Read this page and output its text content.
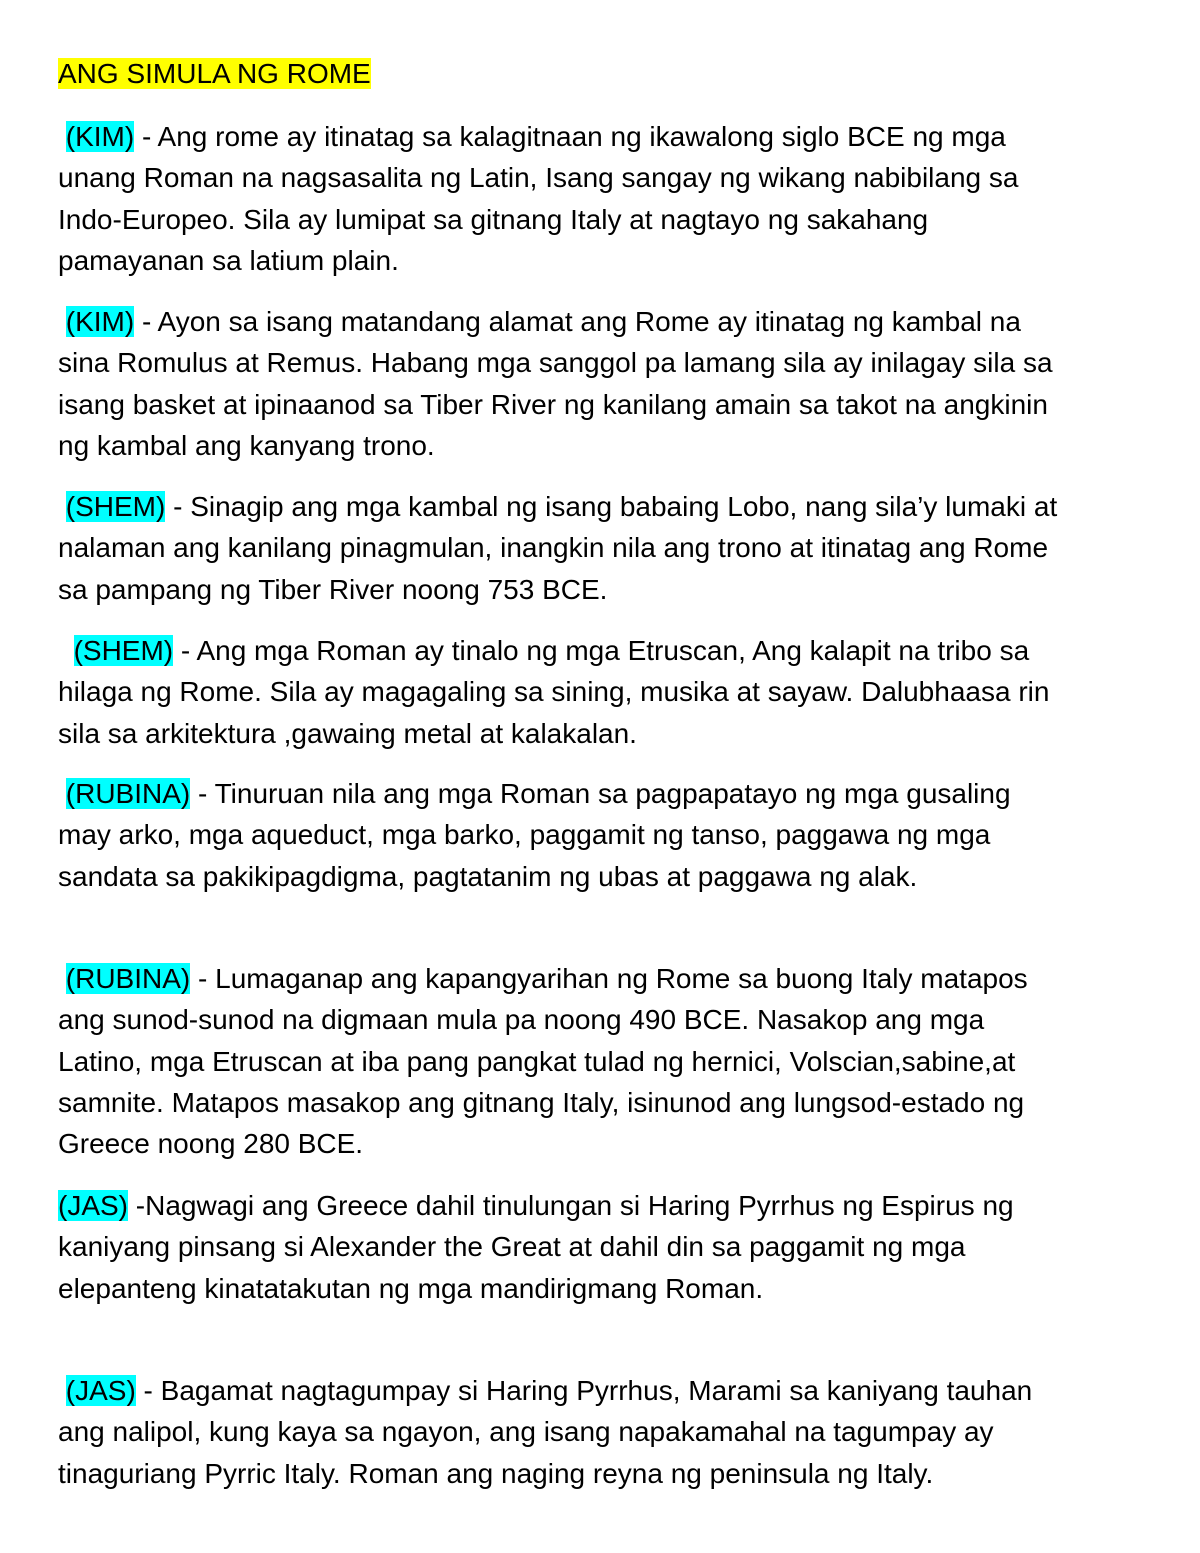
ANG SIMULA NG ROME

(KIM) - Ang rome ay itinatag sa kalagitnaan ng ikawalong siglo BCE ng mga unang Roman na nagsasalita ng Latin, Isang sangay ng wikang nabibilang sa Indo-Europeo. Sila ay lumipat sa gitnang Italy at nagtayo ng sakahang pamayanan sa latium plain.

(KIM) - Ayon sa isang matandang alamat ang Rome ay itinatag ng kambal na sina Romulus at Remus. Habang mga sanggol pa lamang sila ay inilagay sila sa isang basket at ipinaanod sa Tiber River ng kanilang amain sa takot na angkinin ng kambal ang kanyang trono.

(SHEM) - Sinagip ang mga kambal ng isang babaing Lobo, nang sila’y lumaki at nalaman ang kanilang pinagmulan, inangkin nila ang trono at itinatag ang Rome sa pampang ng Tiber River noong 753 BCE.

(SHEM) - Ang mga Roman ay tinalo ng mga Etruscan, Ang kalapit na tribo sa hilaga ng Rome. Sila ay magagaling sa sining, musika at sayaw. Dalubhaasa rin sila sa arkitektura ,gawaing metal at kalakalan.

(RUBINA) - Tinuruan nila ang mga Roman sa pagpapatayo ng mga gusaling may arko, mga aqueduct, mga barko, paggamit ng tanso, paggawa ng mga sandata sa pakikipagdigma, pagtatanim ng ubas at paggawa ng alak.

(RUBINA) - Lumaganap ang kapangyarihan ng Rome sa buong Italy matapos ang sunod-sunod na digmaan mula pa noong 490 BCE. Nasakop ang mga Latino, mga Etruscan at iba pang pangkat tulad ng hernici, Volscian,sabine,at samnite. Matapos masakop ang gitnang Italy, isinunod ang lungsod-estado ng Greece noong 280 BCE.

(JAS) -Nagwagi ang Greece dahil tinulungan si Haring Pyrrhus ng Espirus ng kaniyang pinsang si Alexander the Great at dahil din sa paggamit ng mga elepanteng kinatatakutan ng mga mandirigmang Roman.

(JAS) - Bagamat nagtagumpay si Haring Pyrrhus, Marami sa kaniyang tauhan ang nalipol, kung kaya sa ngayon, ang isang napakamahal na tagumpay ay tinaguriang Pyrric Italy. Roman ang naging reyna ng peninsula ng Italy.
